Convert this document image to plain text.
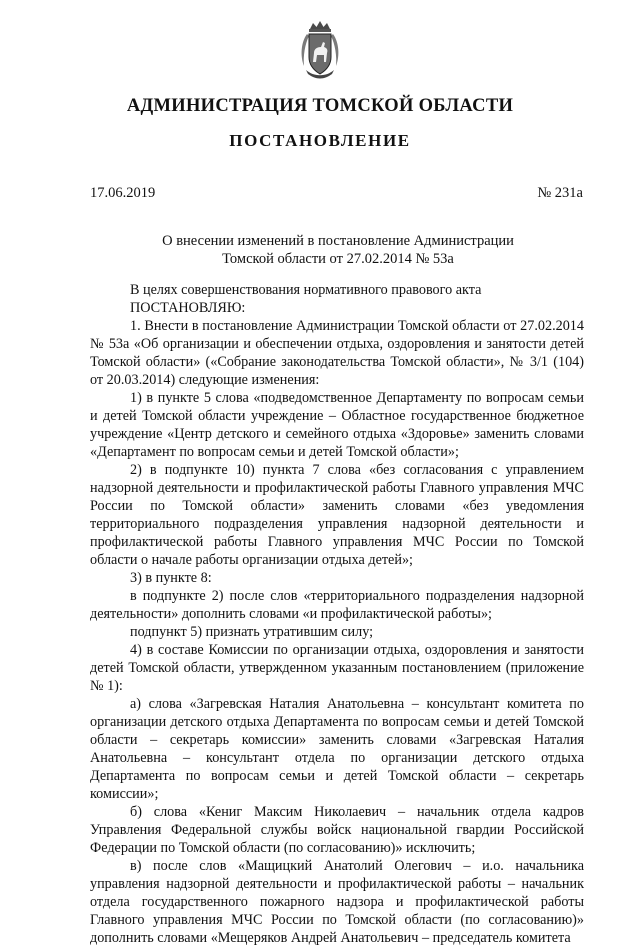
АДМИНИСТРАЦИЯ ТОМСКОЙ ОБЛАСТИ
ПОСТАНОВЛЕНИЕ
17.06.2019	№ 231а
О внесении изменений в постановление Администрации
Томской области от 27.02.2014 № 53а

В целях совершенствования нормативного правового акта

ПОСТАНОВЛЯЮ:

1. Внести в постановление Администрации Томской области от 27.02.2014 № 53а «Об организации и обеспечении отдыха, оздоровления и занятости детей Томской области» («Собрание законодательства Томской области», № 3/1 (104) от 20.03.2014) следующие изменения:

1) в пункте 5 слова «подведомственное Департаменту по вопросам семьи и детей Томской области учреждение – Областное государственное бюджетное учреждение «Центр детского и семейного отдыха «Здоровье» заменить словами «Департамент по вопросам семьи и детей Томской области»;

2) в подпункте 10) пункта 7 слова «без согласования с управлением надзорной деятельности и профилактической работы Главного управления МЧС России по Томской области» заменить словами «без уведомления территориального подразделения управления надзорной деятельности и профилактической работы Главного управления МЧС России по Томской области о начале работы организации отдыха детей»;

3) в пункте 8:

в подпункте 2) после слов «территориального подразделения надзорной деятельности» дополнить словами «и профилактической работы»;

подпункт 5) признать утратившим силу;

4) в составе Комиссии по организации отдыха, оздоровления и занятости детей Томской области, утвержденном указанным постановлением (приложение № 1):

а) слова «Загревская Наталия Анатольевна – консультант комитета по организации детского отдыха Департамента по вопросам семьи и детей Томской области – секретарь комиссии» заменить словами «Загревская Наталия Анатольевна – консультант отдела по организации детского отдыха Департамента по вопросам семьи и детей Томской области – секретарь комиссии»;

б) слова «Кениг Максим Николаевич – начальник отдела кадров Управления Федеральной службы войск национальной гвардии Российской Федерации по Томской области (по согласованию)» исключить;

в) после слов «Мащицкий Анатолий Олегович – и.о. начальника управления надзорной деятельности и профилактической работы – начальник отдела государственного пожарного надзора и профилактической работы Главного управления МЧС России по Томской области (по согласованию)» дополнить словами «Мещеряков Андрей Анатольевич – председатель комитета
